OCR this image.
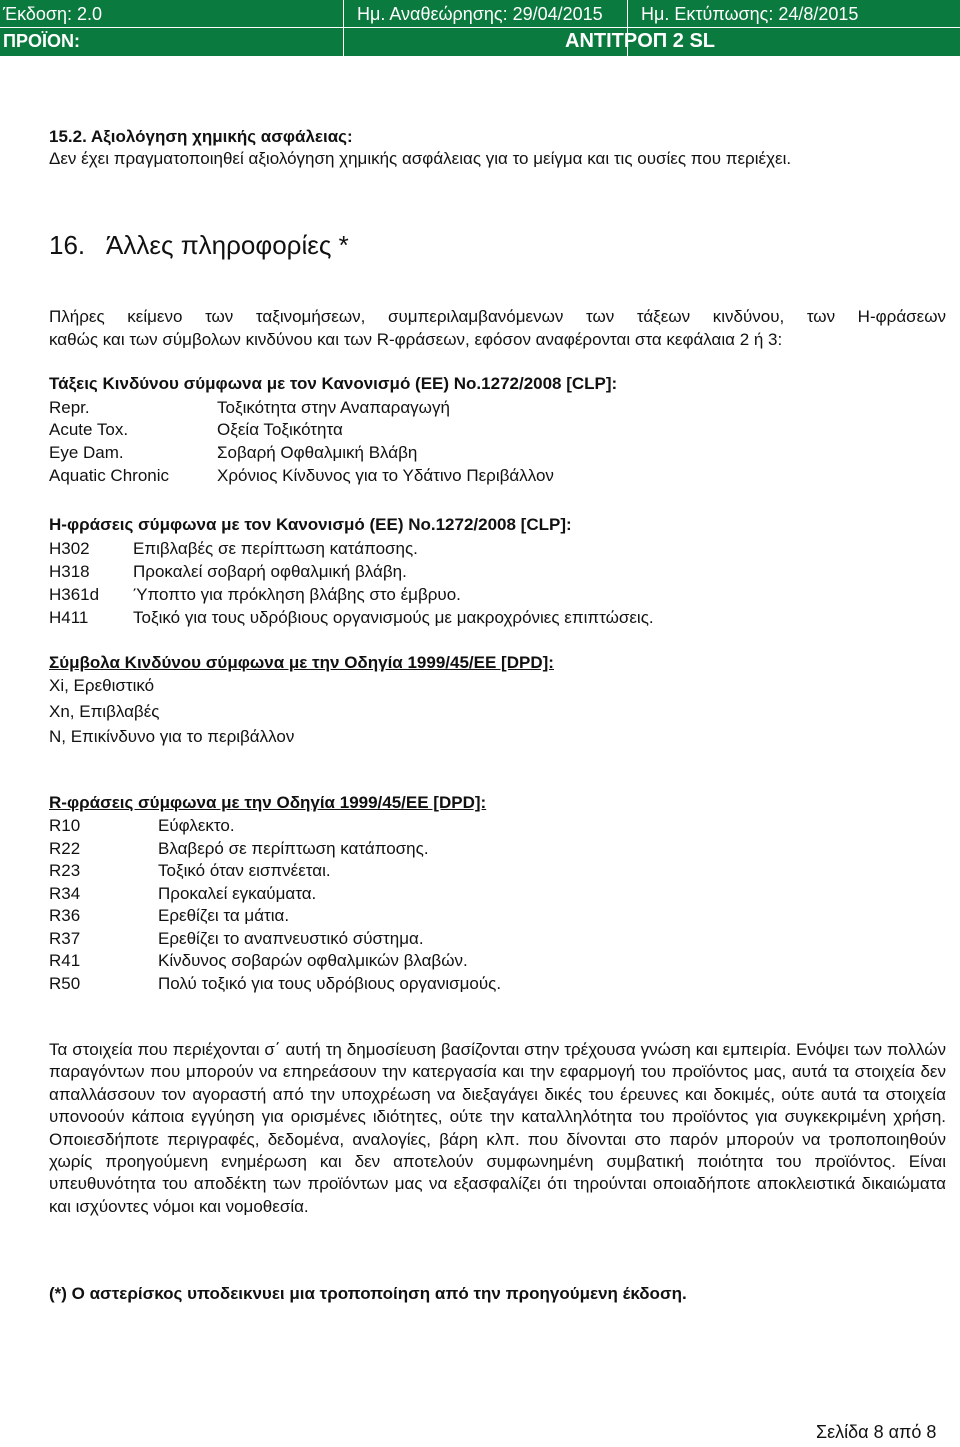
Έκδοση: 2.0	Ημ. Αναθεώρησης: 29/04/2015 Ημ. Εκτύπωσης: 24/8/2015
ΠΡΟΪΟΝ:	ΑΝΤΙΤΡΟΠ 2 SL
15.2. Αξιολόγηση χημικής ασφάλειας:
Δεν έχει πραγματοποιηθεί αξιολόγηση χημικής ασφάλειας για το μείγμα και τις ουσίες που περιέχει.
16. Άλλες πληροφορίες *
Πλήρες κείμενο των ταξινομήσεων, συμπεριλαμβανόμενων των τάξεων κινδύνου, των Η-φράσεων
καθώς και των σύμβολων κινδύνου και των R-φράσεων, εφόσον αναφέρονται στα κεφάλαια 2 ή 3:
Τάξεις Κινδύνου σύμφωνα με τον Κανονισμό (ΕΕ) Νο.1272/2008 [CLP]:
Repr.	Τοξικότητα στην Αναπαραγωγή
Acute Tox.	Οξεία Τοξικότητα
Eye Dam.	Σοβαρή Οφθαλμική Βλάβη
Aquatic Chronic	Χρόνιος Κίνδυνος για το Υδάτινο Περιβάλλον
Η-φράσεις σύμφωνα με τον Κανονισμό (ΕΕ) Νο.1272/2008 [CLP]:
H302	Επιβλαβές σε περίπτωση κατάποσης.
H318	Προκαλεί σοβαρή οφθαλμική βλάβη.
H361d Ύποπτο για πρόκληση βλάβης στο έμβρυο.
H411	Τοξικό για τους υδρόβιους οργανισμούς με μακροχρόνιες επιπτώσεις.
Σύμβολα Κινδύνου σύμφωνα με την Οδηγία 1999/45/ΕΕ [DPD]:
Xi, Ερεθιστικό
Xn, Επιβλαβές
N, Επικίνδυνο για το περιβάλλον
R-φράσεις σύμφωνα με την Οδηγία 1999/45/ΕΕ [DPD]:
R10	Εύφλεκτο.
R22	Βλαβερό σε περίπτωση κατάποσης.
R23	Τοξικό όταν εισπνέεται.
R34	Προκαλεί εγκαύματα.
R36	Ερεθίζει τα μάτια.
R37	Ερεθίζει το αναπνευστικό σύστημα.
R41	Κίνδυνος σοβαρών οφθαλμικών βλαβών.
R50	Πολύ τοξικό για τους υδρόβιους οργανισμούς.

Τα στοιχεία που περιέχονται σ΄ αυτή τη δημοσίευση βασίζονται στην τρέχουσα γνώση και εμπειρία. Ενόψει των πολλών παραγόντων που μπορούν να επηρεάσουν την κατεργασία και την εφαρμογή του προϊόντος μας, αυτά τα στοιχεία δεν απαλλάσσουν τον αγοραστή από την υποχρέωση να διεξαγάγει δικές του έρευνες και δοκιμές, ούτε αυτά τα στοιχεία υπονοούν κάποια εγγύηση για ορισμένες ιδιότητες, ούτε την καταλληλότητα του προϊόντος για συγκεκριμένη χρήση. Οποιεσδήποτε περιγραφές, δεδομένα, αναλογίες, βάρη κλπ. που δίνονται στο παρόν μπορούν να τροποποιηθούν χωρίς προηγούμενη ενημέρωση και δεν αποτελούν συμφωνημένη συμβατική ποιότητα του προϊόντος. Είναι υπευθυνότητα του αποδέκτη των προϊόντων μας να εξασφαλίζει ότι τηρούνται οποιαδήποτε αποκλειστικά δικαιώματα και ισχύοντες νόμοι και νομοθεσία.

(*) Ο αστερίσκος υποδεικνυει μια τροποποίηση από την προηγούμενη έκδοση.
Σελίδα 8 από 8
